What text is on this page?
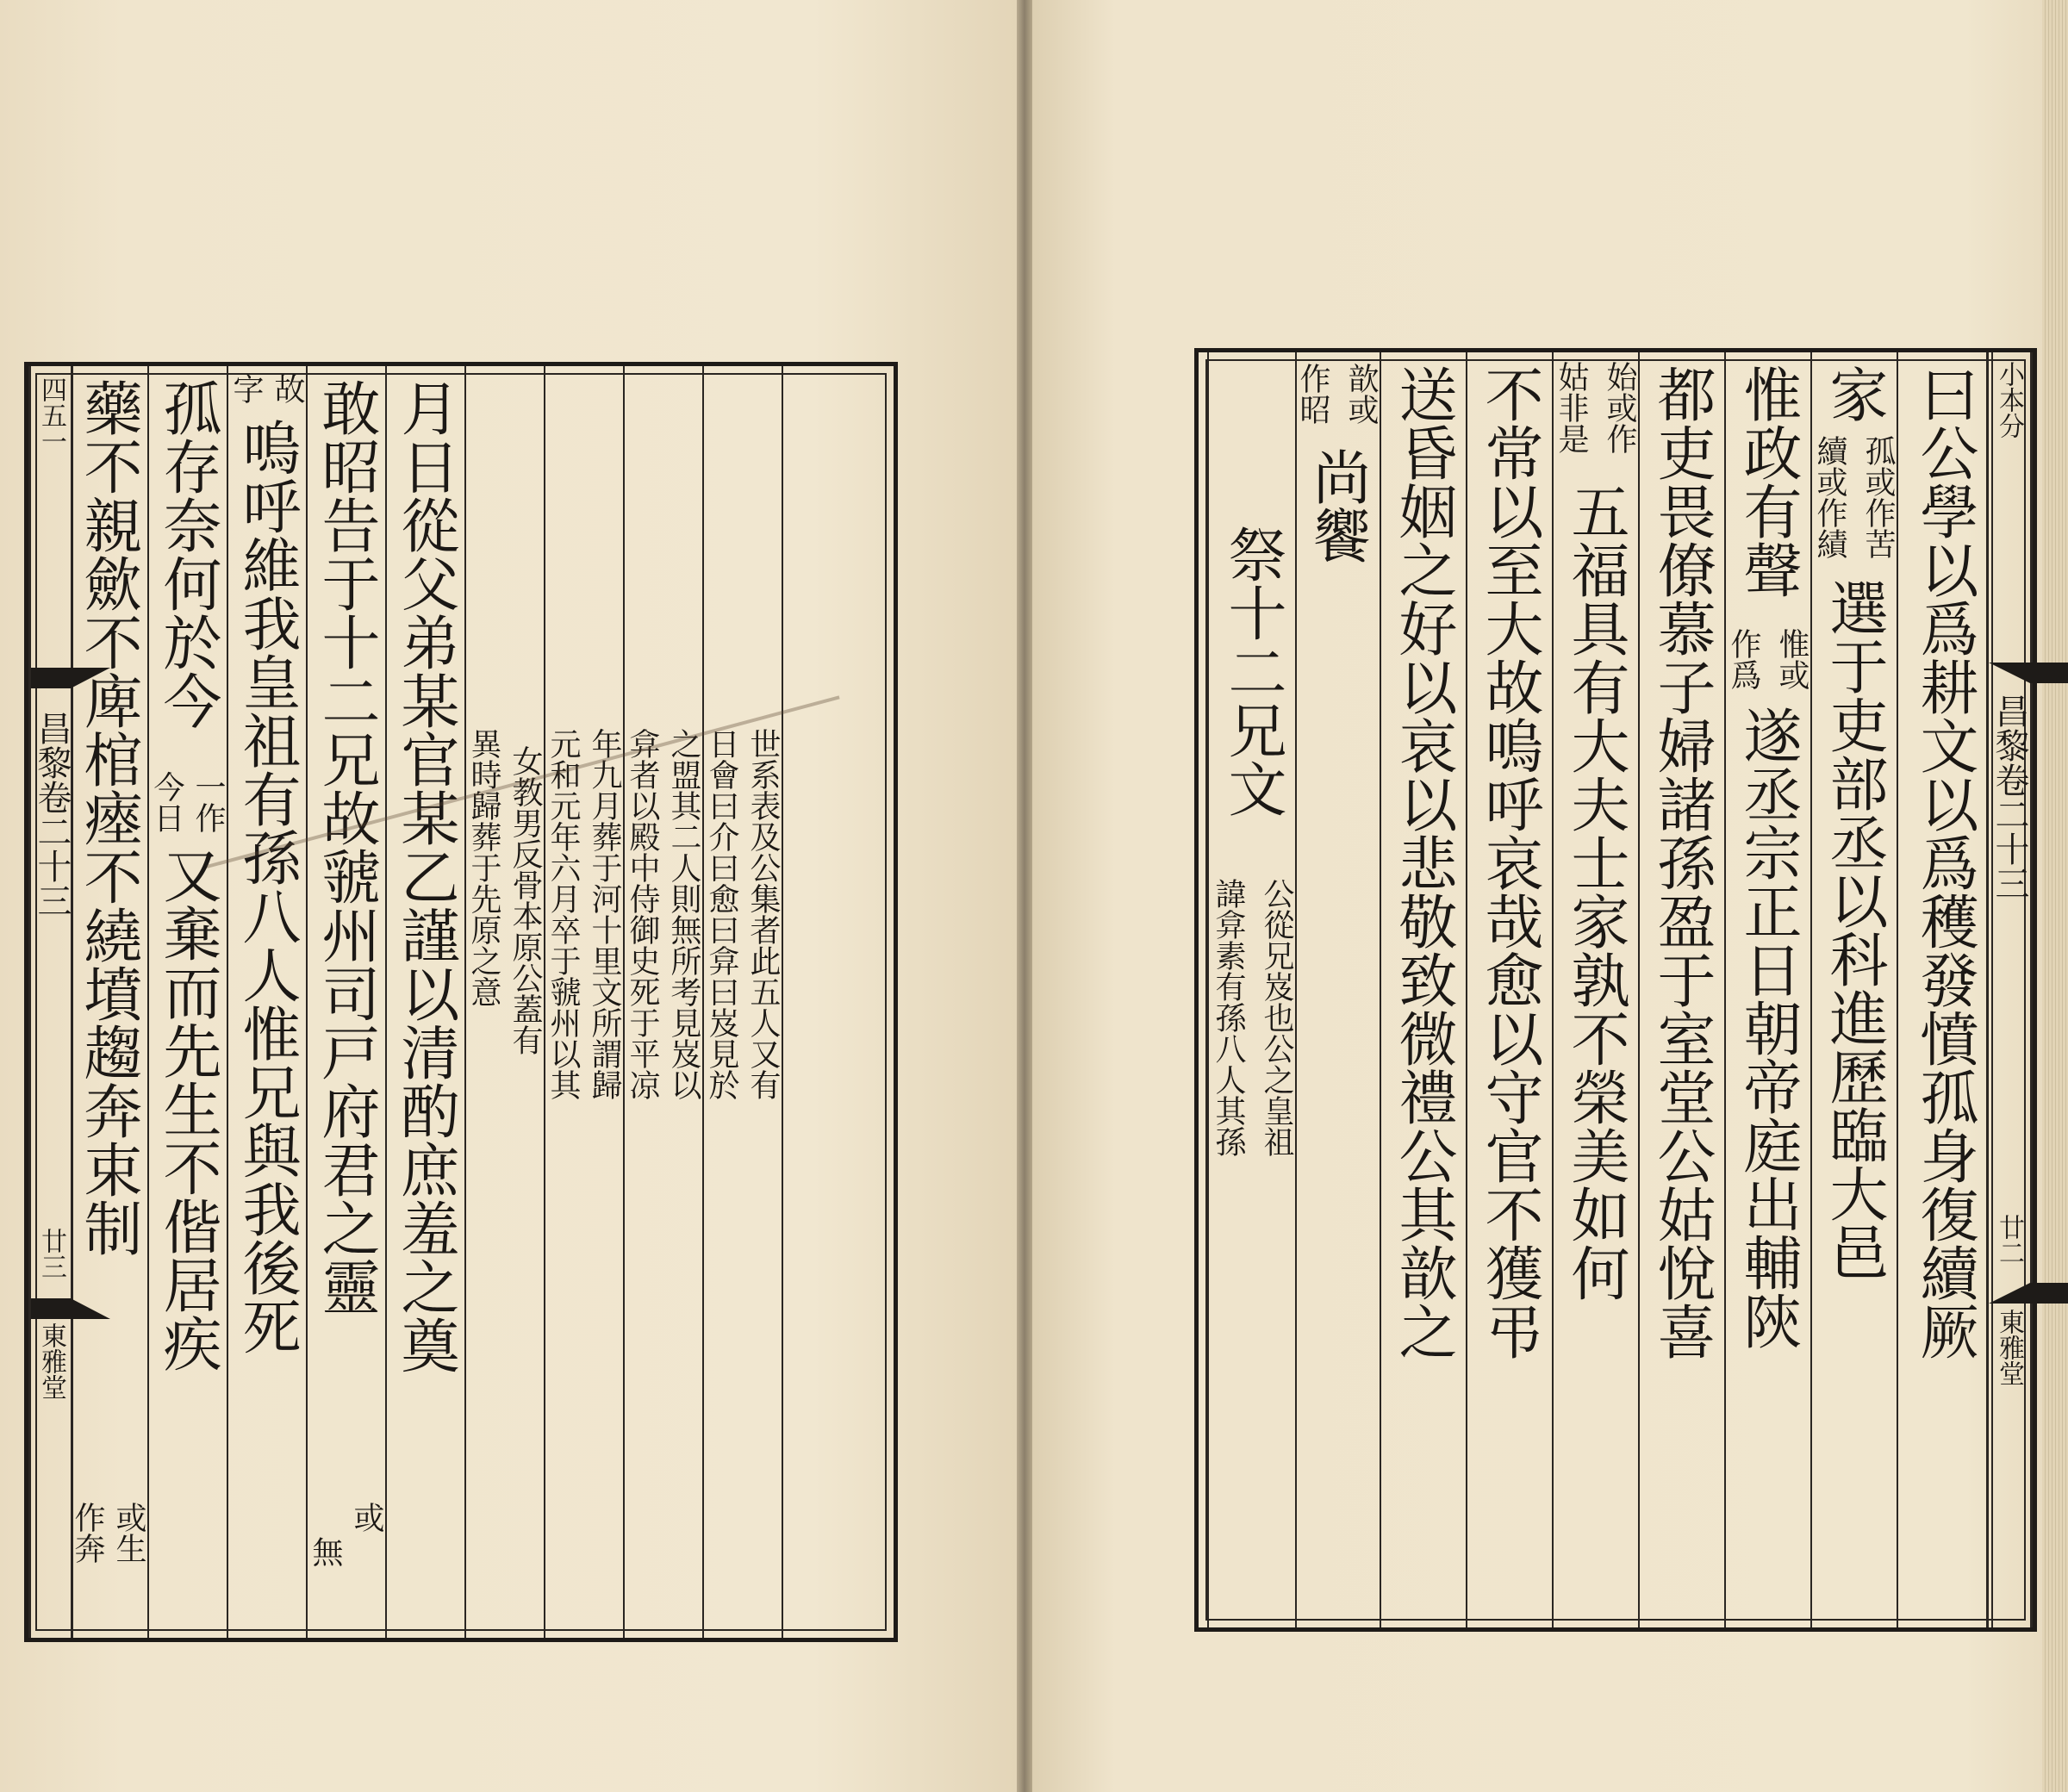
四五一
昌黎卷二十三
廿三
東雅堂
藥不親歛不庳棺瘞不繞墳趨奔束制
作奔 或生
孤存奈何於今
今日 一作
又棄而先生不偕居疾
字 故
嗚呼維我皇祖有孫八人惟兄與我後死 敢昭告于十二兄故虢州司戸府君之靈
無
或
月日從父弟某官某乙謹以清酌庶羞之奠 異時歸葬于先原之意 女教男反骨本原公蓋有 元和元年六月卒于虢州以其 年九月葬于河十里文所謂歸 弇者以殿中侍御史死于平凉 之盟其二人則無所考見岌以 日會曰介曰愈曰弇曰岌見於 世系表及公集者此五人又有
祭十二兄文
諱弇素有孫八人其孫 公從兄岌也公之皇祖
作昭 歆或
尚饗 送昏姻之好以哀以悲敬致微禮公其歆之 不常以至大故嗚呼哀哉愈以守官不獲弔 姑非是 始或作
五福具有大夫士家孰不榮美如何 都吏畏僚慕子婦諸孫盈于室堂公姑悅喜 惟政有聲
作爲 惟或
遂丞宗正日朝帝庭出輔陝
家
續或作績 孤或作苦
選于吏部丞以科進歷臨大邑 曰公學以爲耕文以爲穫發憤孤身復續厥 小本分
昌黎卷二十三
廿二
東雅堂
